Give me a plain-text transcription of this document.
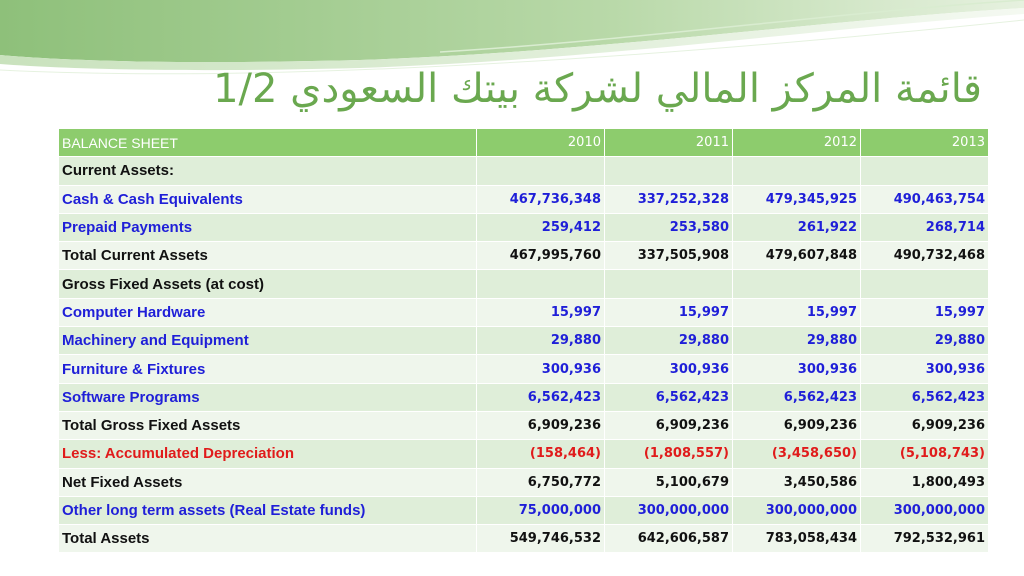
قائمة المركز المالي لشركة بيتك السعودي 1/2
BALANCE SHEET	2010	2011	2012	2013
Current Assets:				
Cash & Cash Equivalents	467,736,348	337,252,328	479,345,925	490,463,754
Prepaid Payments	259,412	253,580	261,922	268,714
Total Current Assets	467,995,760	337,505,908	479,607,848	490,732,468
Gross Fixed Assets (at cost)				
Computer Hardware	15,997	15,997	15,997	15,997
Machinery and Equipment	29,880	29,880	29,880	29,880
Furniture & Fixtures	300,936	300,936	300,936	300,936
Software Programs	6,562,423	6,562,423	6,562,423	6,562,423
Total Gross Fixed Assets	6,909,236	6,909,236	6,909,236	6,909,236
Less: Accumulated Depreciation	(158,464)	(1,808,557)	(3,458,650)	(5,108,743)
Net Fixed Assets	6,750,772	5,100,679	3,450,586	1,800,493
Other long term assets (Real Estate funds)	75,000,000	300,000,000	300,000,000	300,000,000
Total Assets	549,746,532	642,606,587	783,058,434	792,532,961
